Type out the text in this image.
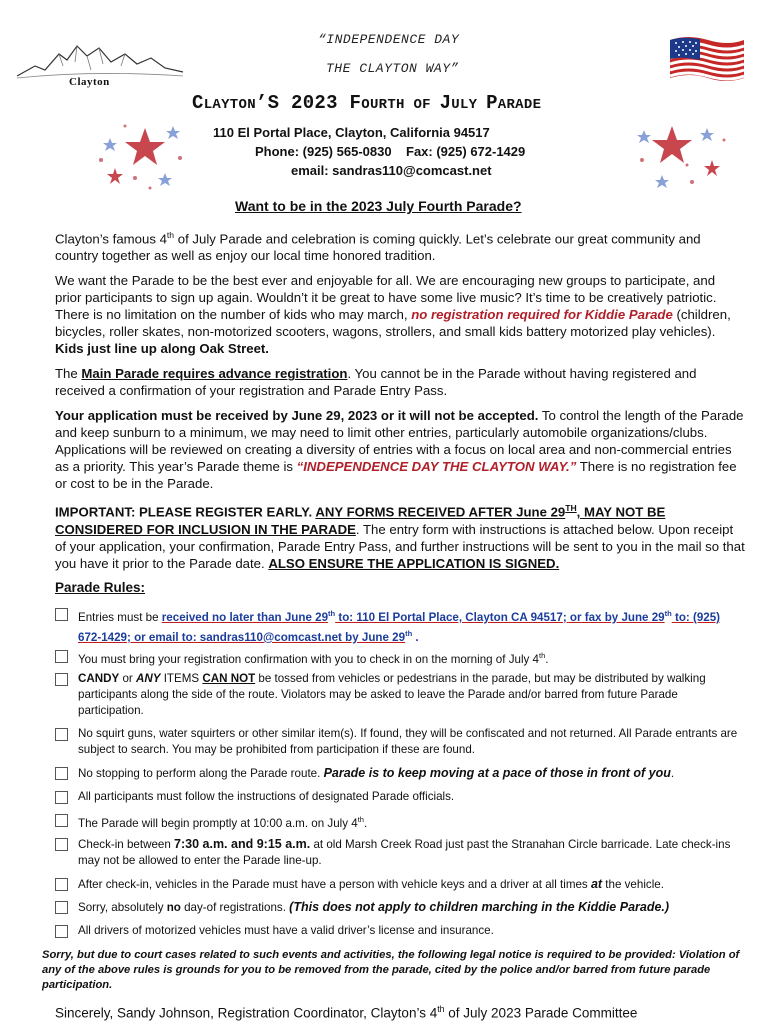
Clayton
“INDEPENDENCE DAY
THE CLAYTON WAY”
CLAYTON’S 2023 FOURTH OF JULY PARADE
110 El Portal Place, Clayton, California 94517
Phone: (925) 565-0830    Fax: (925) 672-1429
email: sandras110@comcast.net
Want to be in the 2023 July Fourth Parade?

Clayton’s famous 4th of July Parade and celebration is coming quickly. Let’s celebrate our great community and country together as well as enjoy our local time honored tradition.

We want the Parade to be the best ever and enjoyable for all. We are encouraging new groups to participate, and prior participants to sign up again. Wouldn’t it be great to have some live music? It’s time to be creatively patriotic. There is no limitation on the number of kids who may march, no registration required for Kiddie Parade (children, bicycles, roller skates, non-motorized scooters, wagons, strollers, and small kids battery motorized play vehicles). Kids just line up along Oak Street.

The Main Parade requires advance registration. You cannot be in the Parade without having registered and received a confirmation of your registration and Parade Entry Pass.

Your application must be received by June 29, 2023 or it will not be accepted. To control the length of the Parade and keep sunburn to a minimum, we may need to limit other entries, particularly automobile organizations/clubs. Applications will be reviewed on creating a diversity of entries with a focus on local area and non-commercial entries as a priority. This year’s Parade theme is “INDEPENDENCE DAY THE CLAYTON WAY.” There is no registration fee or cost to be in the Parade.

IMPORTANT: PLEASE REGISTER EARLY. ANY FORMS RECEIVED AFTER June 29TH, MAY NOT BE CONSIDERED FOR INCLUSION IN THE PARADE. The entry form with instructions is attached below. Upon receipt of your application, your confirmation, Parade Entry Pass, and further instructions will be sent to you in the mail so that you have it prior to the Parade date. ALSO ENSURE THE APPLICATION IS SIGNED.

Parade Rules:
Entries must be received no later than June 29th to: 110 El Portal Place, Clayton CA 94517; or fax by June 29th to: (925) 672-1429; or email to: sandras110@comcast.net by June 29th .
You must bring your registration confirmation with you to check in on the morning of July 4th.
CANDY or ANY ITEMS CAN NOT be tossed from vehicles or pedestrians in the parade, but may be distributed by walking participants along the side of the route. Violators may be asked to leave the Parade and/or barred from future Parade participation.
No squirt guns, water squirters or other similar item(s). If found, they will be confiscated and not returned. All Parade entrants are subject to search. You may be prohibited from participation if these are found.
No stopping to perform along the Parade route. Parade is to keep moving at a pace of those in front of you.
All participants must follow the instructions of designated Parade officials.
The Parade will begin promptly at 10:00 a.m. on July 4th.
Check-in between 7:30 a.m. and 9:15 a.m. at old Marsh Creek Road just past the Stranahan Circle barricade. Late check-ins may not be allowed to enter the Parade line-up.
After check-in, vehicles in the Parade must have a person with vehicle keys and a driver at all times at the vehicle.
Sorry, absolutely no day-of registrations. (This does not apply to children marching in the Kiddie Parade.)
All drivers of motorized vehicles must have a valid driver’s license and insurance.
Sorry, but due to court cases related to such events and activities, the following legal notice is required to be provided: Violation of any of the above rules is grounds for you to be removed from the parade, cited by the police and/or barred from future parade participation.
Sincerely, Sandy Johnson, Registration Coordinator, Clayton’s 4th of July 2023 Parade Committee
